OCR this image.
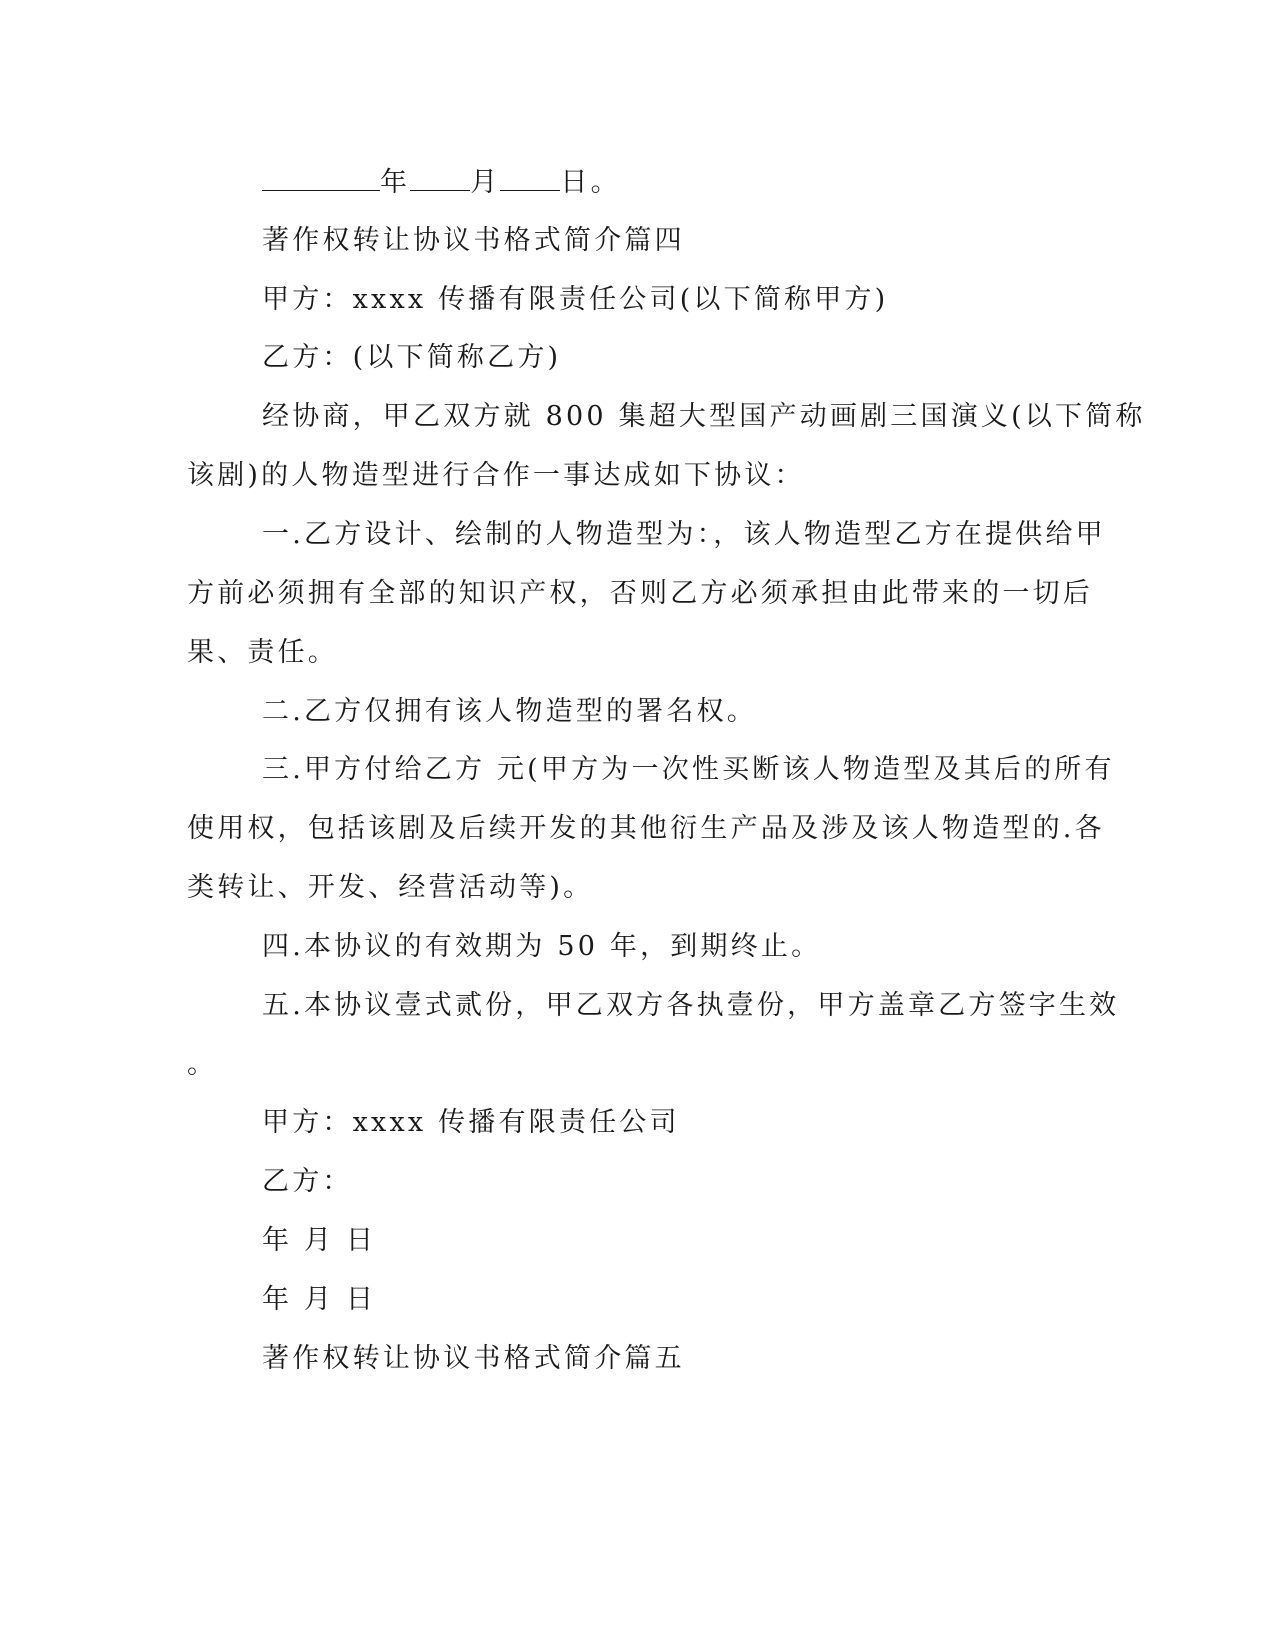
年 月 日。
著作权转让协议书格式简介篇四
甲方：xxxx 传播有限责任公司(以下简称甲方)
乙方：(以下简称乙方)
经协商，甲乙双方就 800 集超大型国产动画剧三国演义(以下简称
该剧)的人物造型进行合作一事达成如下协议：
一.乙方设计、绘制的人物造型为：，该人物造型乙方在提供给甲
方前必须拥有全部的知识产权，否则乙方必须承担由此带来的一切后
果、责任。
二.乙方仅拥有该人物造型的署名权。
三.甲方付给乙方 元(甲方为一次性买断该人物造型及其后的所有
使用权，包括该剧及后续开发的其他衍生产品及涉及该人物造型的.各
类转让、开发、经营活动等)。
四.本协议的有效期为 50 年，到期终止。
五.本协议壹式贰份，甲乙双方各执壹份，甲方盖章乙方签字生效
。
甲方：xxxx 传播有限责任公司
乙方：
年 月 日
年 月 日
著作权转让协议书格式简介篇五
